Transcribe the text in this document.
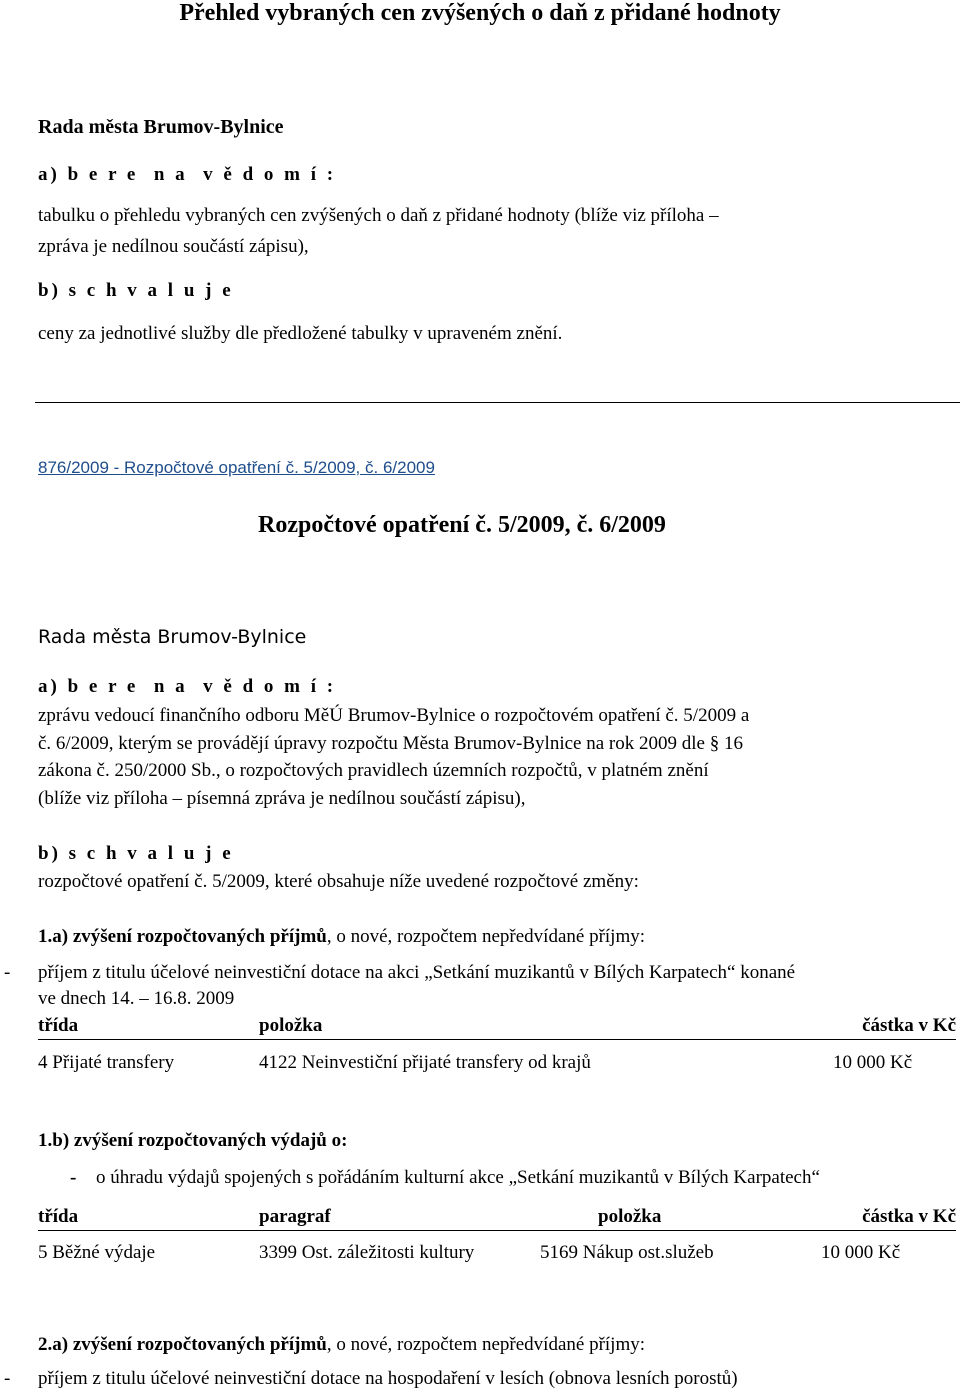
Přehled vybraných cen zvýšených o daň z přidané hodnoty
Rada města Brumov-Bylnice
a) b e r e  n a  v ě d o m í :
tabulku o přehledu vybraných cen zvýšených o daň z přidané hodnoty (blíže viz příloha –
zpráva je nedílnou součástí zápisu),
b) s c h v a l u j e
ceny za jednotlivé služby dle předložené tabulky v upraveném znění.
876/2009 - Rozpočtové opatření č. 5/2009, č. 6/2009
Rozpočtové opatření č. 5/2009, č. 6/2009
Rada města Brumov-Bylnice
a) b e r e  n a  v ě d o m í :
zprávu vedoucí finančního odboru MěÚ Brumov-Bylnice o rozpočtovém opatření č. 5/2009 a
č. 6/2009, kterým se provádějí úpravy rozpočtu Města Brumov-Bylnice na rok 2009 dle § 16
zákona č. 250/2000 Sb., o rozpočtových pravidlech územních rozpočtů, v platném znění
(blíže viz příloha – písemná zpráva je nedílnou součástí zápisu),
b) s c h v a l u j e
rozpočtové opatření č. 5/2009, které obsahuje níže uvedené rozpočtové změny:
1.a) zvýšení rozpočtovaných příjmů, o nové, rozpočtem nepředvídané příjmy:
- příjem z titulu účelové neinvestiční dotace na akci „Setkání muzikantů v Bílých Karpatech“ konané
ve dnech 14. – 16.8. 2009
třída	položka	částka v Kč
4 Přijaté transfery	4122 Neinvestiční přijaté transfery od krajů	10 000 Kč
1.b) zvýšení rozpočtovaných výdajů o:
- o úhradu výdajů spojených s pořádáním kulturní akce „Setkání muzikantů v Bílých Karpatech“
třída	paragraf	položka	částka v Kč
5 Běžné výdaje	3399 Ost. záležitosti kultury	5169 Nákup ost.služeb	10 000 Kč
2.a) zvýšení rozpočtovaných příjmů, o nové, rozpočtem nepředvídané příjmy:
- příjem z titulu účelové neinvestiční dotace na hospodaření v lesích (obnova lesních porostů)
